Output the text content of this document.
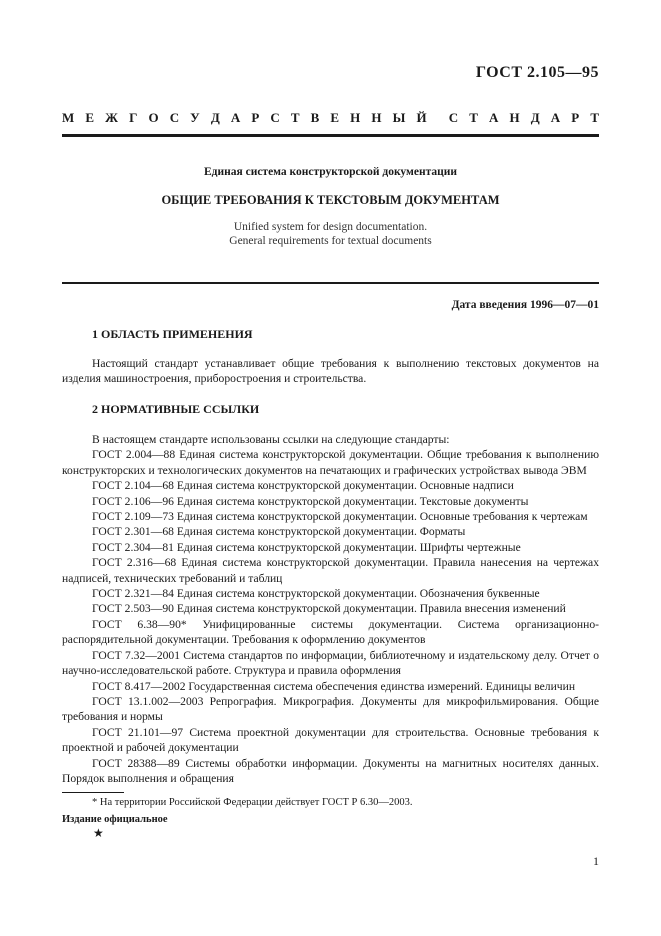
ГОСТ 2.105—95
М Е Ж Г О С У Д А Р С Т В Е Н Н Ы Й С Т А Н Д А Р Т
Единая система конструкторской документации
ОБЩИЕ ТРЕБОВАНИЯ К ТЕКСТОВЫМ ДОКУМЕНТАМ
Unified system for design documentation.
General requirements for textual documents
Дата введения 1996—07—01
1 ОБЛАСТЬ ПРИМЕНЕНИЯ

Настоящий стандарт устанавливает общие требования к выполнению текстовых документов на изделия машиностроения, приборостроения и строительства.

2 НОРМАТИВНЫЕ ССЫЛКИ

В настоящем стандарте использованы ссылки на следующие стандарты:

ГОСТ 2.004—88 Единая система конструкторской документации. Общие требования к выполнению конструкторских и технологических документов на печатающих и графических устройствах вывода ЭВМ

ГОСТ 2.104—68 Единая система конструкторской документации. Основные надписи

ГОСТ 2.106—96 Единая система конструкторской документации. Текстовые документы

ГОСТ 2.109—73 Единая система конструкторской документации. Основные требования к чертежам

ГОСТ 2.301—68 Единая система конструкторской документации. Форматы

ГОСТ 2.304—81 Единая система конструкторской документации. Шрифты чертежные

ГОСТ 2.316—68 Единая система конструкторской документации. Правила нанесения на чертежах надписей, технических требований и таблиц

ГОСТ 2.321—84 Единая система конструкторской документации. Обозначения буквенные

ГОСТ 2.503—90 Единая система конструкторской документации. Правила внесения изменений

ГОСТ 6.38—90* Унифицированные системы документации. Система организационно-распорядительной документации. Требования к оформлению документов

ГОСТ 7.32—2001 Система стандартов по информации, библиотечному и издательскому делу. Отчет о научно-исследовательской работе. Структура и правила оформления

ГОСТ 8.417—2002 Государственная система обеспечения единства измерений. Единицы величин

ГОСТ 13.1.002—2003 Репрография. Микрография. Документы для микрофильмирования. Общие требования и нормы

ГОСТ 21.101—97 Система проектной документации для строительства. Основные требования к проектной и рабочей документации

ГОСТ 28388—89 Системы обработки информации. Документы на магнитных носителях данных. Порядок выполнения и обращения

* На территории Российской Федерации действует ГОСТ Р 6.30—2003.
Издание официальное
★
1
